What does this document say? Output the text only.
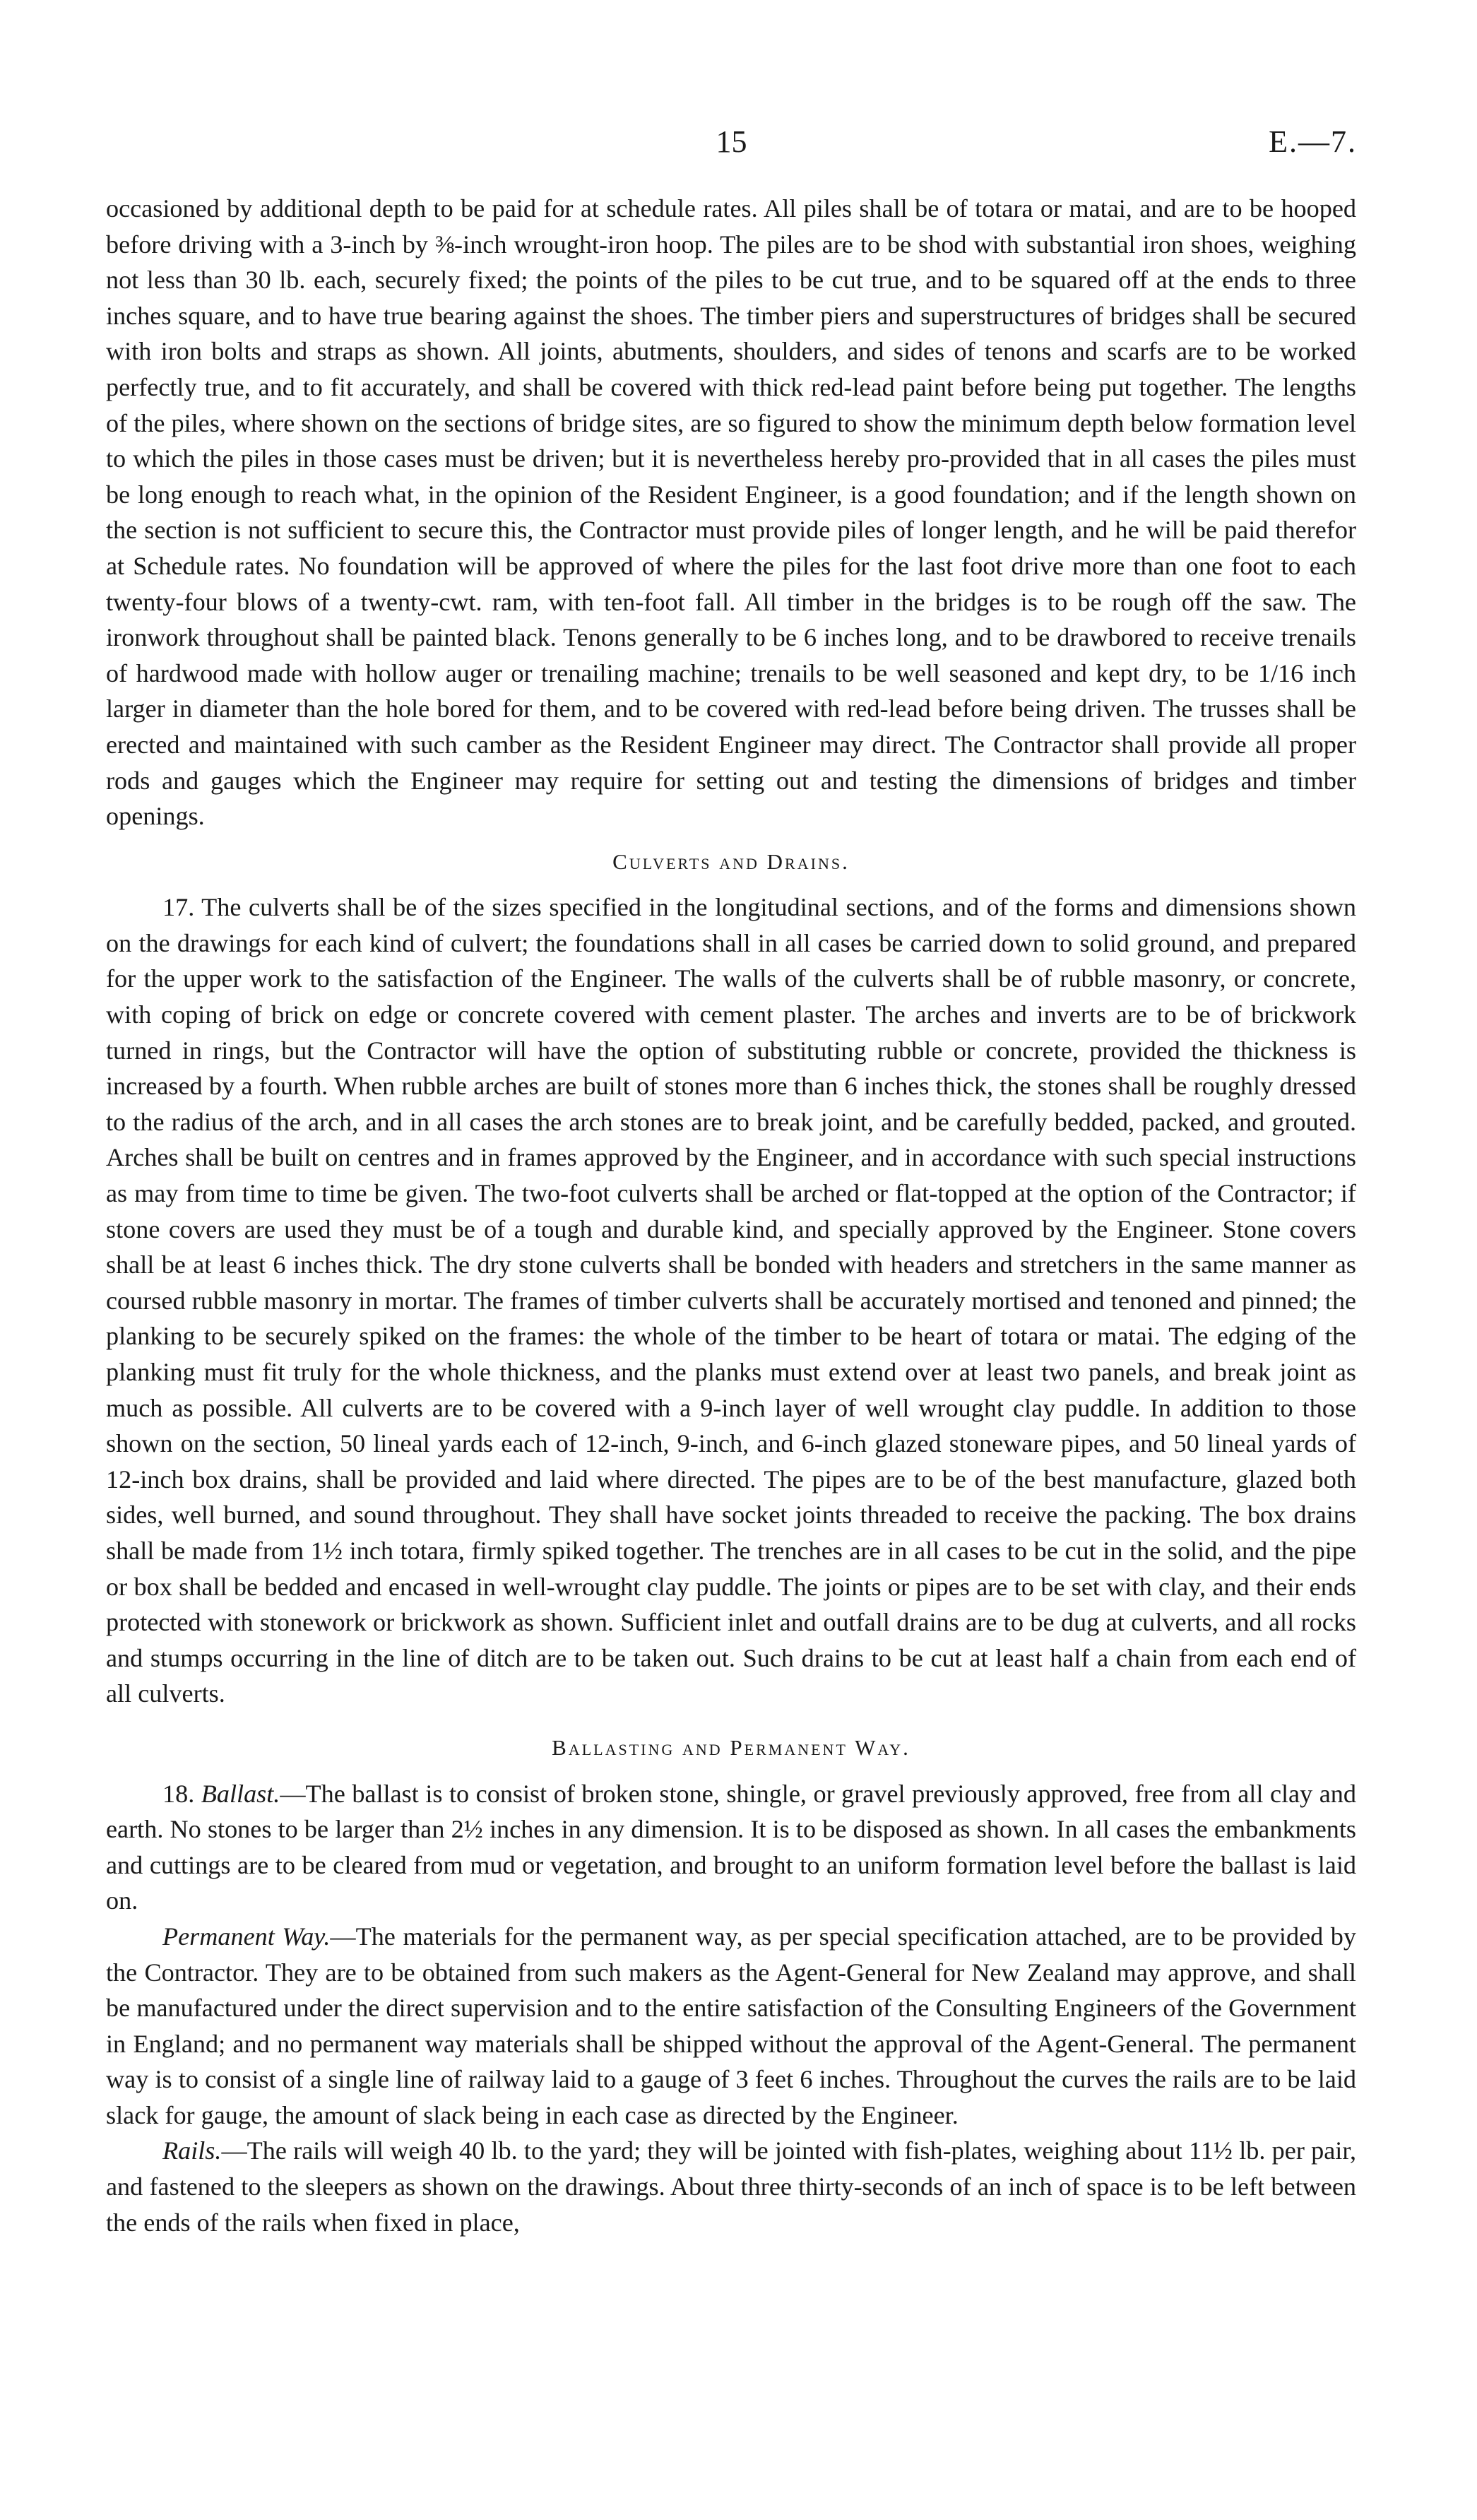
15	E.—7.

occasioned by additional depth to be paid for at schedule rates. All piles shall be of totara or matai, and are to be hooped before driving with a 3-inch by ⅜-inch wrought-iron hoop. The piles are to be shod with substantial iron shoes, weighing not less than 30 lb. each, securely fixed; the points of the piles to be cut true, and to be squared off at the ends to three inches square, and to have true bearing against the shoes. The timber piers and superstructures of bridges shall be secured with iron bolts and straps as shown. All joints, abutments, shoulders, and sides of tenons and scarfs are to be worked perfectly true, and to fit accurately, and shall be covered with thick red-lead paint before being put together. The lengths of the piles, where shown on the sections of bridge sites, are so figured to show the minimum depth below formation level to which the piles in those cases must be driven; but it is nevertheless hereby pro-provided that in all cases the piles must be long enough to reach what, in the opinion of the Resident Engineer, is a good foundation; and if the length shown on the section is not sufficient to secure this, the Contractor must provide piles of longer length, and he will be paid therefor at Schedule rates. No foundation will be approved of where the piles for the last foot drive more than one foot to each twenty-four blows of a twenty-cwt. ram, with ten-foot fall. All timber in the bridges is to be rough off the saw. The ironwork throughout shall be painted black. Tenons generally to be 6 inches long, and to be drawbored to receive trenails of hardwood made with hollow auger or trenailing machine; trenails to be well seasoned and kept dry, to be 1/16 inch larger in diameter than the hole bored for them, and to be covered with red-lead before being driven. The trusses shall be erected and maintained with such camber as the Resident Engineer may direct. The Contractor shall provide all proper rods and gauges which the Engineer may require for setting out and testing the dimensions of bridges and timber openings.

Culverts and Drains.

17. The culverts shall be of the sizes specified in the longitudinal sections, and of the forms and dimensions shown on the drawings for each kind of culvert; the foundations shall in all cases be carried down to solid ground, and prepared for the upper work to the satisfaction of the Engineer. The walls of the culverts shall be of rubble masonry, or concrete, with coping of brick on edge or concrete covered with cement plaster. The arches and inverts are to be of brickwork turned in rings, but the Contractor will have the option of substituting rubble or concrete, provided the thickness is increased by a fourth. When rubble arches are built of stones more than 6 inches thick, the stones shall be roughly dressed to the radius of the arch, and in all cases the arch stones are to break joint, and be carefully bedded, packed, and grouted. Arches shall be built on centres and in frames approved by the Engineer, and in accordance with such special instructions as may from time to time be given. The two-foot culverts shall be arched or flat-topped at the option of the Contractor; if stone covers are used they must be of a tough and durable kind, and specially approved by the Engineer. Stone covers shall be at least 6 inches thick. The dry stone culverts shall be bonded with headers and stretchers in the same manner as coursed rubble masonry in mortar. The frames of timber culverts shall be accurately mortised and tenoned and pinned; the planking to be securely spiked on the frames: the whole of the timber to be heart of totara or matai. The edging of the planking must fit truly for the whole thickness, and the planks must extend over at least two panels, and break joint as much as possible. All culverts are to be covered with a 9-inch layer of well wrought clay puddle. In addition to those shown on the section, 50 lineal yards each of 12-inch, 9-inch, and 6-inch glazed stoneware pipes, and 50 lineal yards of 12-inch box drains, shall be provided and laid where directed. The pipes are to be of the best manufacture, glazed both sides, well burned, and sound throughout. They shall have socket joints threaded to receive the packing. The box drains shall be made from 1½ inch totara, firmly spiked together. The trenches are in all cases to be cut in the solid, and the pipe or box shall be bedded and encased in well-wrought clay puddle. The joints or pipes are to be set with clay, and their ends protected with stonework or brickwork as shown. Sufficient inlet and outfall drains are to be dug at culverts, and all rocks and stumps occurring in the line of ditch are to be taken out. Such drains to be cut at least half a chain from each end of all culverts.

Ballasting and Permanent Way.

18. Ballast.—The ballast is to consist of broken stone, shingle, or gravel previously approved, free from all clay and earth. No stones to be larger than 2½ inches in any dimension. It is to be disposed as shown. In all cases the embankments and cuttings are to be cleared from mud or vegetation, and brought to an uniform formation level before the ballast is laid on.

Permanent Way.—The materials for the permanent way, as per special specification attached, are to be provided by the Contractor. They are to be obtained from such makers as the Agent-General for New Zealand may approve, and shall be manufactured under the direct supervision and to the entire satisfaction of the Consulting Engineers of the Government in England; and no permanent way materials shall be shipped without the approval of the Agent-General. The permanent way is to consist of a single line of railway laid to a gauge of 3 feet 6 inches. Throughout the curves the rails are to be laid slack for gauge, the amount of slack being in each case as directed by the Engineer.

Rails.—The rails will weigh 40 lb. to the yard; they will be jointed with fish-plates, weighing about 11½ lb. per pair, and fastened to the sleepers as shown on the drawings. About three thirty-seconds of an inch of space is to be left between the ends of the rails when fixed in place,
